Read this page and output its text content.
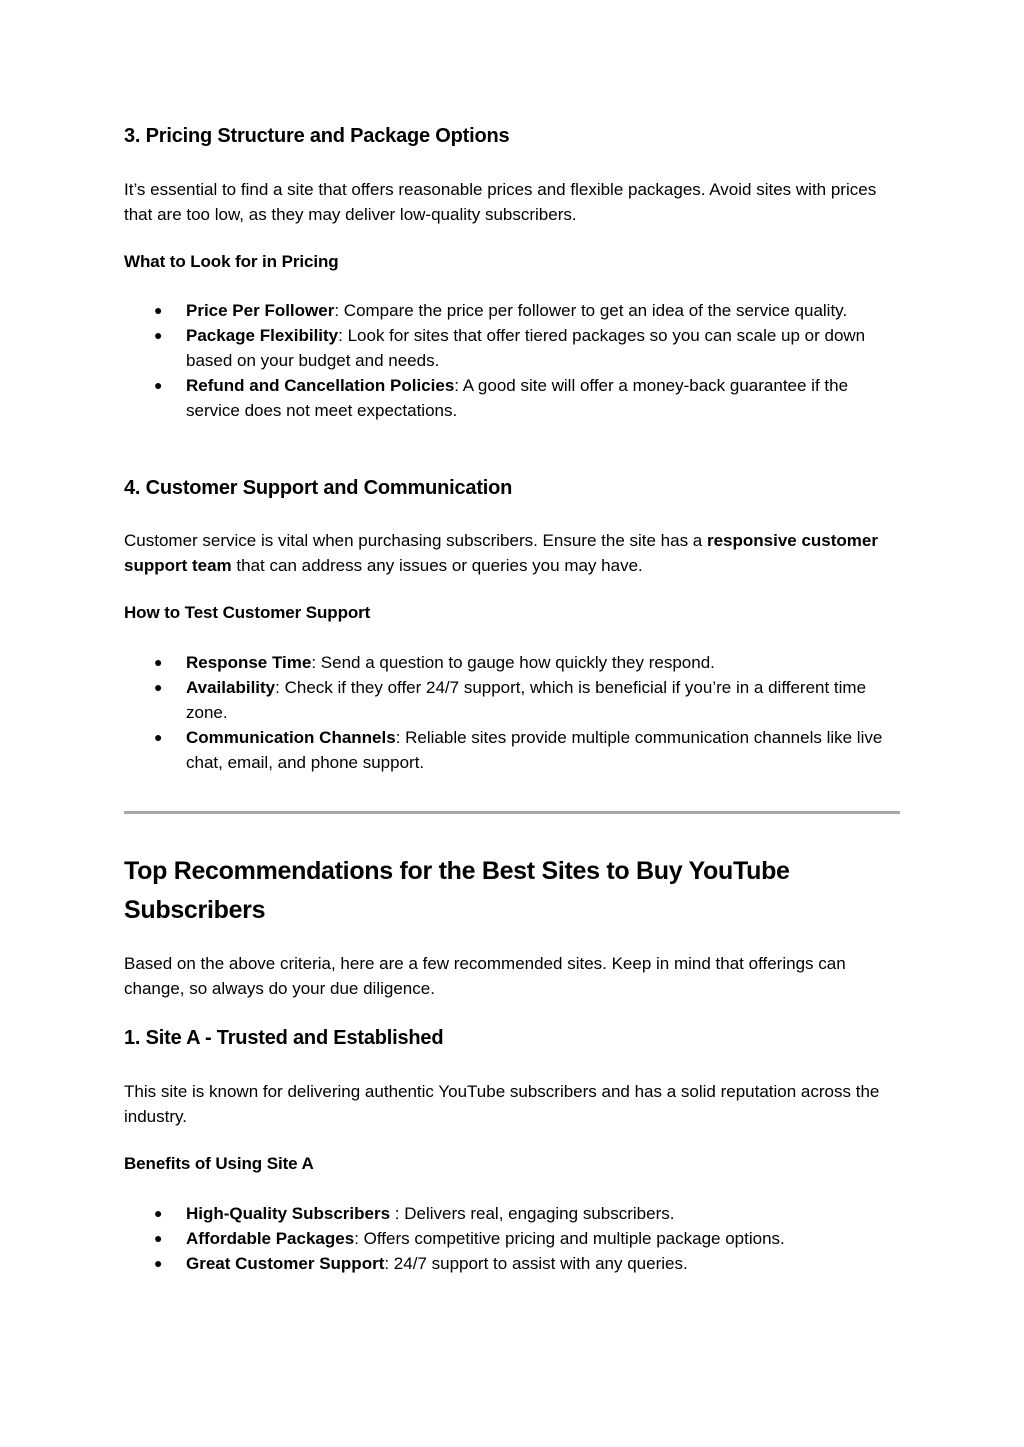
3. Pricing Structure and Package Options

It’s essential to find a site that offers reasonable prices and flexible packages. Avoid sites with prices that are too low, as they may deliver low-quality subscribers.

What to Look for in Pricing
● Price Per Follower: Compare the price per follower to get an idea of the service quality.
● Package Flexibility: Look for sites that offer tiered packages so you can scale up or down based on your budget and needs.
● Refund and Cancellation Policies: A good site will offer a money-back guarantee if the service does not meet expectations.
4. Customer Support and Communication

Customer service is vital when purchasing subscribers. Ensure the site has a responsive customer support team that can address any issues or queries you may have.

How to Test Customer Support
● Response Time: Send a question to gauge how quickly they respond.
● Availability: Check if they offer 24/7 support, which is beneficial if you’re in a different time zone.
● Communication Channels: Reliable sites provide multiple communication channels like live chat, email, and phone support.
Top Recommendations for the Best Sites to Buy YouTube Subscribers

Based on the above criteria, here are a few recommended sites. Keep in mind that offerings can change, so always do your due diligence.

1. Site A - Trusted and Established

This site is known for delivering authentic YouTube subscribers and has a solid reputation across the industry.

Benefits of Using Site A
● High-Quality Subscribers : Delivers real, engaging subscribers.
● Affordable Packages: Offers competitive pricing and multiple package options.
● Great Customer Support: 24/7 support to assist with any queries.
